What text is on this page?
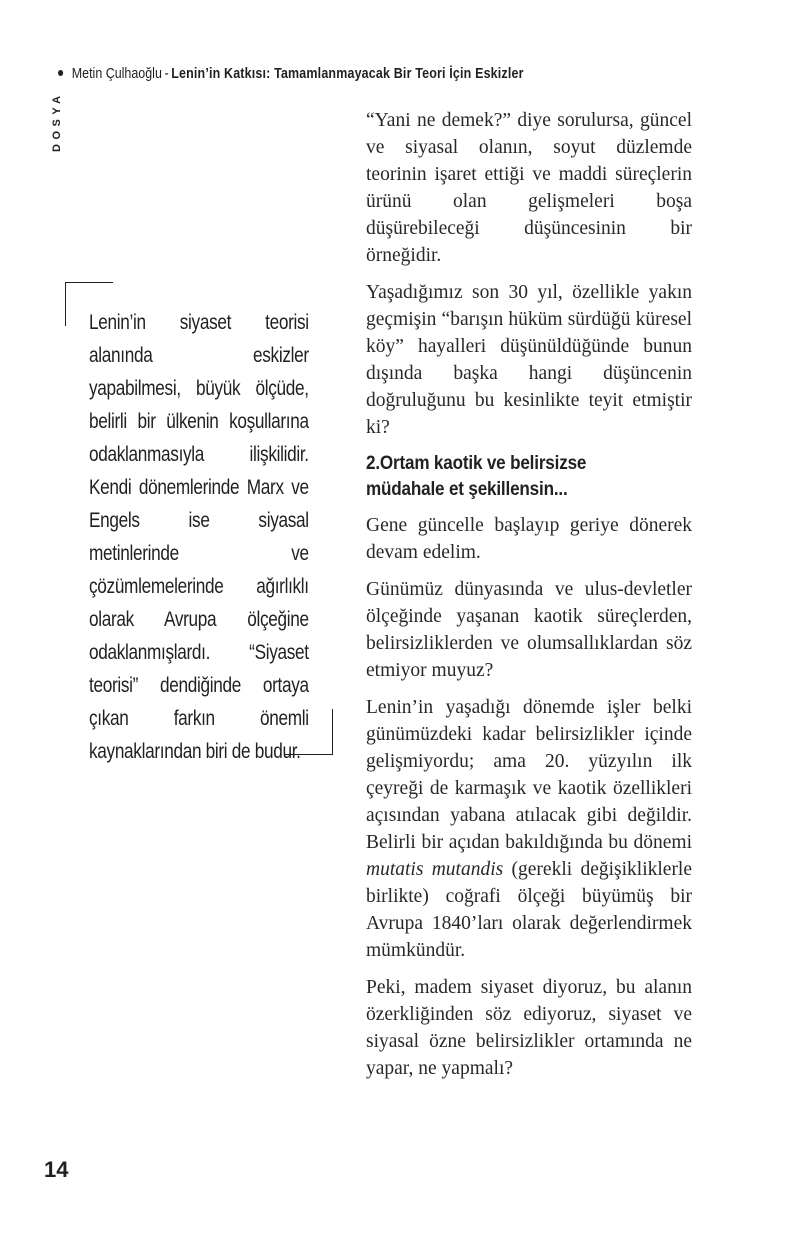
Metin Çulhaoğlu - Lenin’in Katkısı: Tamamlanmayacak Bir Teori İçin Eskizler
DOSYA

Lenin’in siyaset teorisi alanında eskizler yapabilmesi, büyük ölçüde, belirli bir ülkenin koşullarına odaklanmasıyla ilişkilidir. Kendi dönemlerinde Marx ve Engels ise siyasal metinlerinde ve çözümlemelerinde ağırlıklı olarak Avrupa ölçeğine odaklanmışlardı. “Siyaset teorisi” dendiğinde ortaya çıkan farkın önemli kaynaklarından biri de budur.

“Yani ne demek?” diye sorulursa, güncel ve siyasal olanın, soyut düzlemde teorinin işaret ettiği ve maddi süreçlerin ürünü olan gelişmeleri boşa düşürebileceği düşüncesinin bir örneğidir.

Yaşadığımız son 30 yıl, özellikle yakın geçmişin “barışın hüküm sürdüğü küresel köy” hayalleri düşünüldüğünde bunun dışında başka hangi düşüncenin doğruluğunu bu kesinlikte teyit etmiştir ki?

2.Ortam kaotik ve belirsizse müdahale et şekillensin...

Gene güncelle başlayıp geriye dönerek devam edelim.

Günümüz dünyasında ve ulus-devletler ölçeğinde yaşanan kaotik süreçlerden, belirsizliklerden ve olumsallıklardan söz etmiyor muyuz?

Lenin’in yaşadığı dönemde işler belki günümüzdeki kadar belirsizlikler içinde gelişmiyordu; ama 20. yüzyılın ilk çeyreği de karmaşık ve kaotik özellikleri açısından yabana atılacak gibi değildir. Belirli bir açıdan bakıldığında bu dönemi mutatis mutandis (gerekli değişikliklerle birlikte) coğrafi ölçeği büyümüş bir Avrupa 1840’ları olarak değerlendirmek mümkündür.

Peki, madem siyaset diyoruz, bu alanın özerkliğinden söz ediyoruz, siyaset ve siyasal özne belirsizlikler ortamında ne yapar, ne yapmalı?

14
